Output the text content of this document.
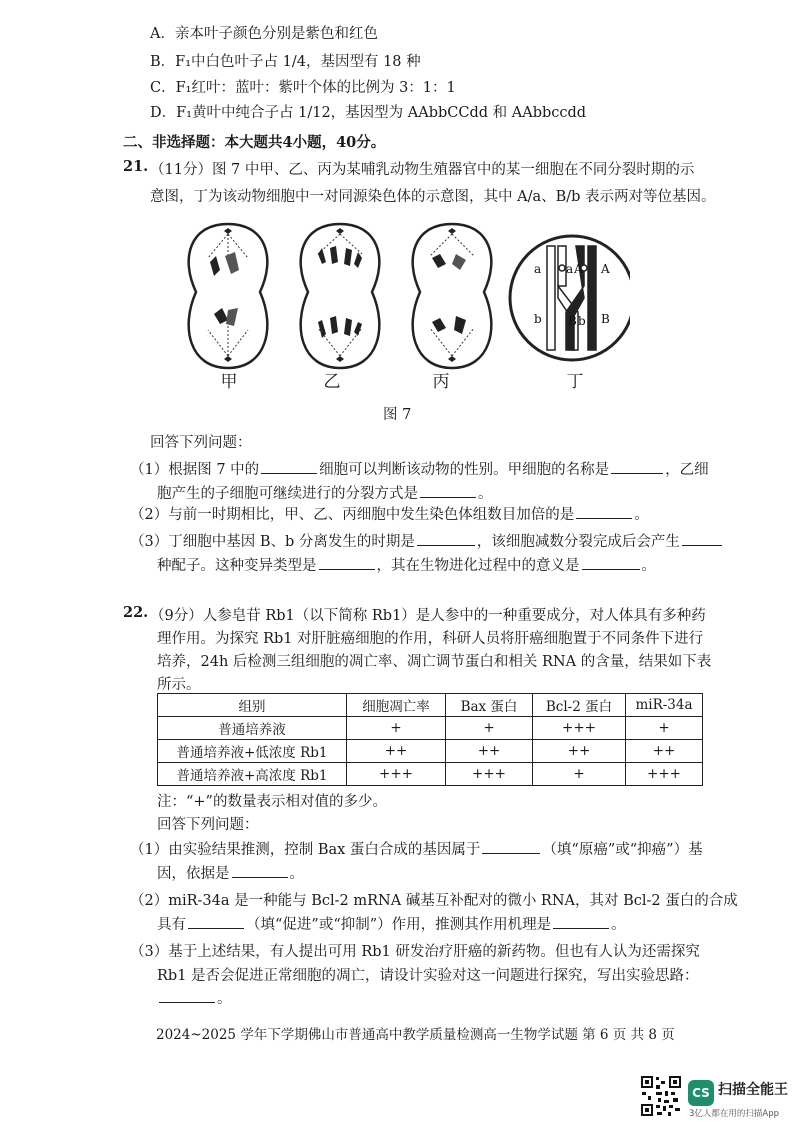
A．亲本叶子颜色分别是紫色和红色
B．F₁中白色叶子占 1/4，基因型有 18 种
C．F₁红叶：蓝叶：紫叶个体的比例为 3：1：1
D．F₁黄叶中纯合子占 1/12，基因型为 AAbbCCdd 和 AAbbccdd
二、非选择题：本大题共4小题，40分。
21. （11分）图 7 中甲、乙、丙为某哺乳动物生殖器官中的某一细胞在不同分裂时期的示
意图，丁为该动物细胞中一对同源染色体的示意图，其中 A/a、B/b 表示两对等位基因。
a a A A
b B b B
甲	乙	丙	丁
图 7
回答下列问题：
（1）根据图 7 中的	细胞可以判断该动物的性别。甲细胞的名称是	，乙细
胞产生的子细胞可继续进行的分裂方式是	。
（2）与前一时期相比，甲、乙、丙细胞中发生染色体组数目加倍的是	。
（3）丁细胞中基因 B、b 分离发生的时期是	，该细胞减数分裂完成后会产生
种配子。这种变异类型是	，其在生物进化过程中的意义是	。
22. （9分）人参皂苷 Rb1（以下简称 Rb1）是人参中的一种重要成分，对人体具有多种药
理作用。为探究 Rb1 对肝脏癌细胞的作用，科研人员将肝癌细胞置于不同条件下进行
培养，24h 后检测三组细胞的凋亡率、凋亡调节蛋白和相关 RNA 的含量，结果如下表
所示。
组别	细胞凋亡率	Bax 蛋白	Bcl-2 蛋白	miR-34a
普通培养液	+	+	+++	+
普通培养液+低浓度 Rb1	++	++	++	++
普通培养液+高浓度 Rb1	+++	+++	+	+++
注：“+”的数量表示相对值的多少。
回答下列问题：
（1）由实验结果推测，控制 Bax 蛋白合成的基因属于	（填“原癌”或“抑癌”）基
因，依据是	。
（2）miR-34a 是一种能与 Bcl-2 mRNA 碱基互补配对的微小 RNA，其对 Bcl-2 蛋白的合成
具有	（填“促进”或“抑制”）作用，推测其作用机理是	。
（3）基于上述结果，有人提出可用 Rb1 研发治疗肝癌的新药物。但也有人认为还需探究
Rb1 是否会促进正常细胞的凋亡，请设计实验对这一问题进行探究，写出实验思路：
。
2024~2025 学年下学期佛山市普通高中教学质量检测高一生物学试题 第 6 页 共 8 页
CS 扫描全能王
3亿人都在用的扫描App
